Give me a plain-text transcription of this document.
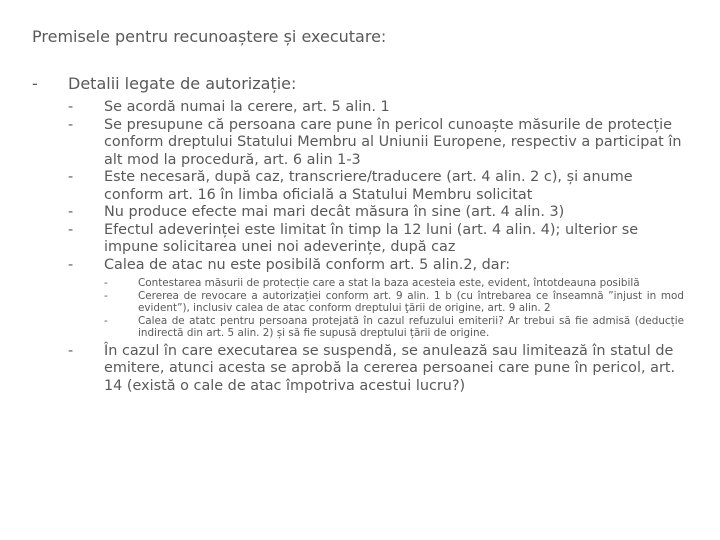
Premisele pentru recunoaștere și executare:
- Detalii legate de autorizație:
- Se acordă numai la cerere, art. 5 alin. 1
- Se presupune că persoana care pune în pericol cunoaște măsurile de protecție conform dreptului Statului Membru al Uniunii Europene, respectiv a participat în alt mod la procedură, art. 6 alin 1-3
- Este necesară, după caz, transcriere/traducere (art. 4 alin. 2 c), și anume conform art. 16 în limba oficială a Statului Membru solicitat
- Nu produce efecte mai mari decât măsura în sine (art. 4 alin. 3)
- Efectul adeverinței este limitat în timp la 12 luni (art. 4 alin. 4); ulterior se impune solicitarea unei noi adeverințe, după caz
- Calea de atac nu este posibilă conform art. 5 alin.2, dar:
-	Contestarea măsurii de protecție care a stat la baza acesteia este, evident, întotdeauna posibilă
-	Cererea de revocare a autorizației conform art. 9 alin. 1 b (cu întrebarea ce înseamnă ”injust in mod evident”), inclusiv calea de atac conform dreptului ţării de origine, art. 9 alin. 2
-	Calea de atatc pentru persoana protejată în cazul refuzului emiterii? Ar trebui să fie admisă (deducție indirectă din art. 5 alin. 2) și să fie supusă dreptului țării de origine.
- În cazul în care executarea se suspendă, se anulează sau limitează în statul de emitere, atunci acesta se aprobă la cererea persoanei care pune în pericol, art. 14 (există o cale de atac împotriva acestui lucru?)
